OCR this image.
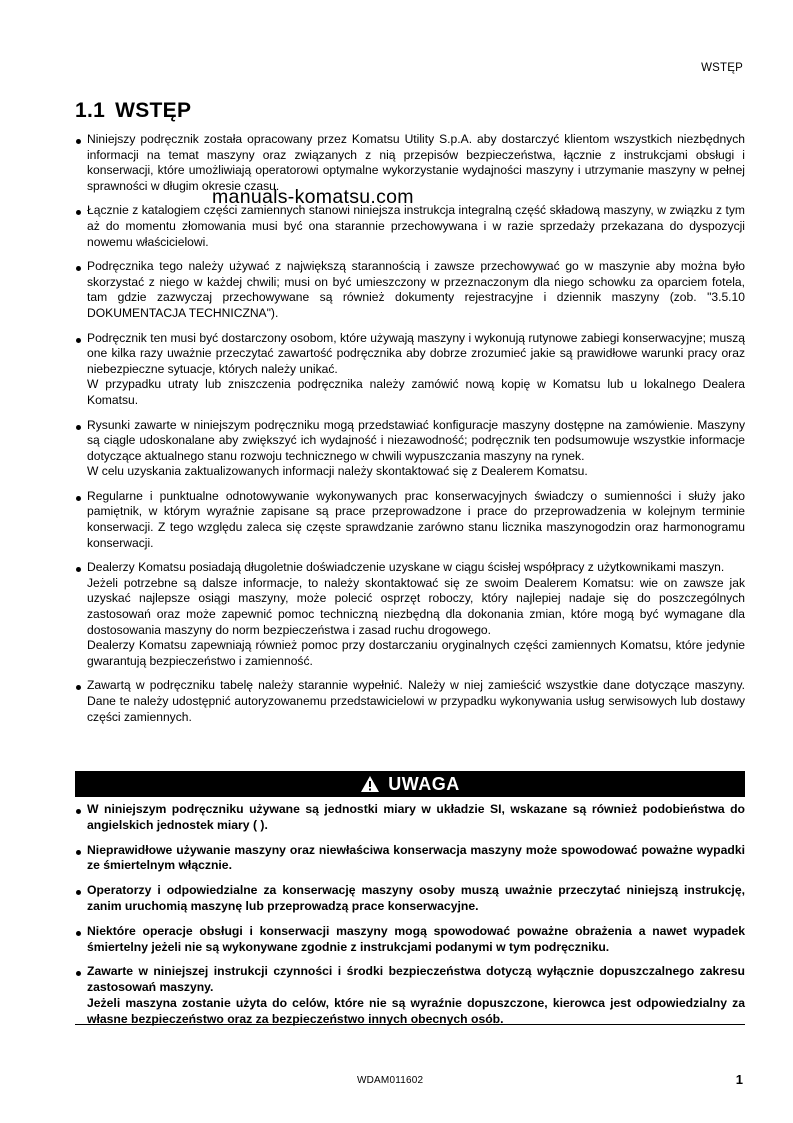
WSTĘP
1.1 WSTĘP

Niniejszy podręcznik została opracowany przez Komatsu Utility S.p.A. aby dostarczyć klientom wszystkich niezbędnych informacji na temat maszyny oraz związanych z nią przepisów bezpieczeństwa, łącznie z instrukcjami obsługi i konserwacji, które umożliwiają operatorowi optymalne wykorzystanie wydajności maszyny i utrzymanie maszyny w pełnej sprawności w długim okresie czasu.

Łącznie z katalogiem części zamiennych stanowi niniejsza instrukcja integralną część składową maszyny, w związku z tym aż do momentu złomowania musi być ona starannie przechowywana i w razie sprzedaży przekazana do dyspozycji nowemu właścicielowi.

Podręcznika tego należy używać z największą starannością i zawsze przechowywać go w maszynie aby można było skorzystać z niego w każdej chwili; musi on być umieszczony w przeznaczonym dla niego schowku za oparciem fotela, tam gdzie zazwyczaj przechowywane są również dokumenty rejestracyjne i dziennik maszyny (zob. "3.5.10 DOKUMENTACJA TECHNICZNA").

Podręcznik ten musi być dostarczony osobom, które używają maszyny i wykonują rutynowe zabiegi konserwacyjne; muszą one kilka razy uważnie przeczytać zawartość podręcznika aby dobrze zrozumieć jakie są prawidłowe warunki pracy oraz niebezpieczne sytuacje, których należy unikać.

W przypadku utraty lub zniszczenia podręcznika należy zamówić nową kopię w Komatsu lub u lokalnego Dealera Komatsu.

Rysunki zawarte w niniejszym podręczniku mogą przedstawiać konfiguracje maszyny dostępne na zamówienie. Maszyny są ciągle udoskonalane aby zwiększyć ich wydajność i niezawodność; podręcznik ten podsumowuje wszystkie informacje dotyczące aktualnego stanu rozwoju technicznego w chwili wypuszczania maszyny na rynek.

W celu uzyskania zaktualizowanych informacji należy skontaktować się z Dealerem Komatsu.

Regularne i punktualne odnotowywanie wykonywanych prac konserwacyjnych świadczy o sumienności i służy jako pamiętnik, w którym wyraźnie zapisane są prace przeprowadzone i prace do przeprowadzenia w kolejnym terminie konserwacji. Z tego względu zaleca się częste sprawdzanie zarówno stanu licznika maszynogodzin oraz harmonogramu konserwacji.

Dealerzy Komatsu posiadają długoletnie doświadczenie uzyskane w ciągu ścisłej współpracy z użytkownikami maszyn.

Jeżeli potrzebne są dalsze informacje, to należy skontaktować się ze swoim Dealerem Komatsu: wie on zawsze jak uzyskać najlepsze osiągi maszyny, może polecić osprzęt roboczy, który najlepiej nadaje się do poszczególnych zastosowań oraz może zapewnić pomoc techniczną niezbędną dla dokonania zmian, które mogą być wymagane dla dostosowania maszyny do norm bezpieczeństwa i zasad ruchu drogowego.

Dealerzy Komatsu zapewniają również pomoc przy dostarczaniu oryginalnych części zamiennych Komatsu, które jedynie gwarantują bezpieczeństwo i zamienność.

Zawartą w podręczniku tabelę należy starannie wypełnić. Należy w niej zamieścić wszystkie dane dotyczące maszyny. Dane te należy udostępnić autoryzowanemu przedstawicielowi w przypadku wykonywania usług serwisowych lub dostawy części zamiennych.

manuals-komatsu.com
UWAGA

W niniejszym podręczniku używane są jednostki miary w układzie SI, wskazane są również podobieństwa do angielskich jednostek miary ( ).

Nieprawidłowe używanie maszyny oraz niewłaściwa konserwacja maszyny może spowodować poważne wypadki ze śmiertelnym włącznie.

Operatorzy i odpowiedzialne za konserwację maszyny osoby muszą uważnie przeczytać niniejszą instrukcję, zanim uruchomią maszynę lub przeprowadzą prace konserwacyjne.

Niektóre operacje obsługi i konserwacji maszyny mogą spowodować poważne obrażenia a nawet wypadek śmiertelny jeżeli nie są wykonywane zgodnie z instrukcjami podanymi w tym podręczniku.

Zawarte w niniejszej instrukcji czynności i środki bezpieczeństwa dotyczą wyłącznie dopuszczalnego zakresu zastosowań maszyny.

Jeżeli maszyna zostanie użyta do celów, które nie są wyraźnie dopuszczone, kierowca jest odpowiedzialny za własne bezpieczeństwo oraz za bezpieczeństwo innych obecnych osób.

WDAM011602	1
